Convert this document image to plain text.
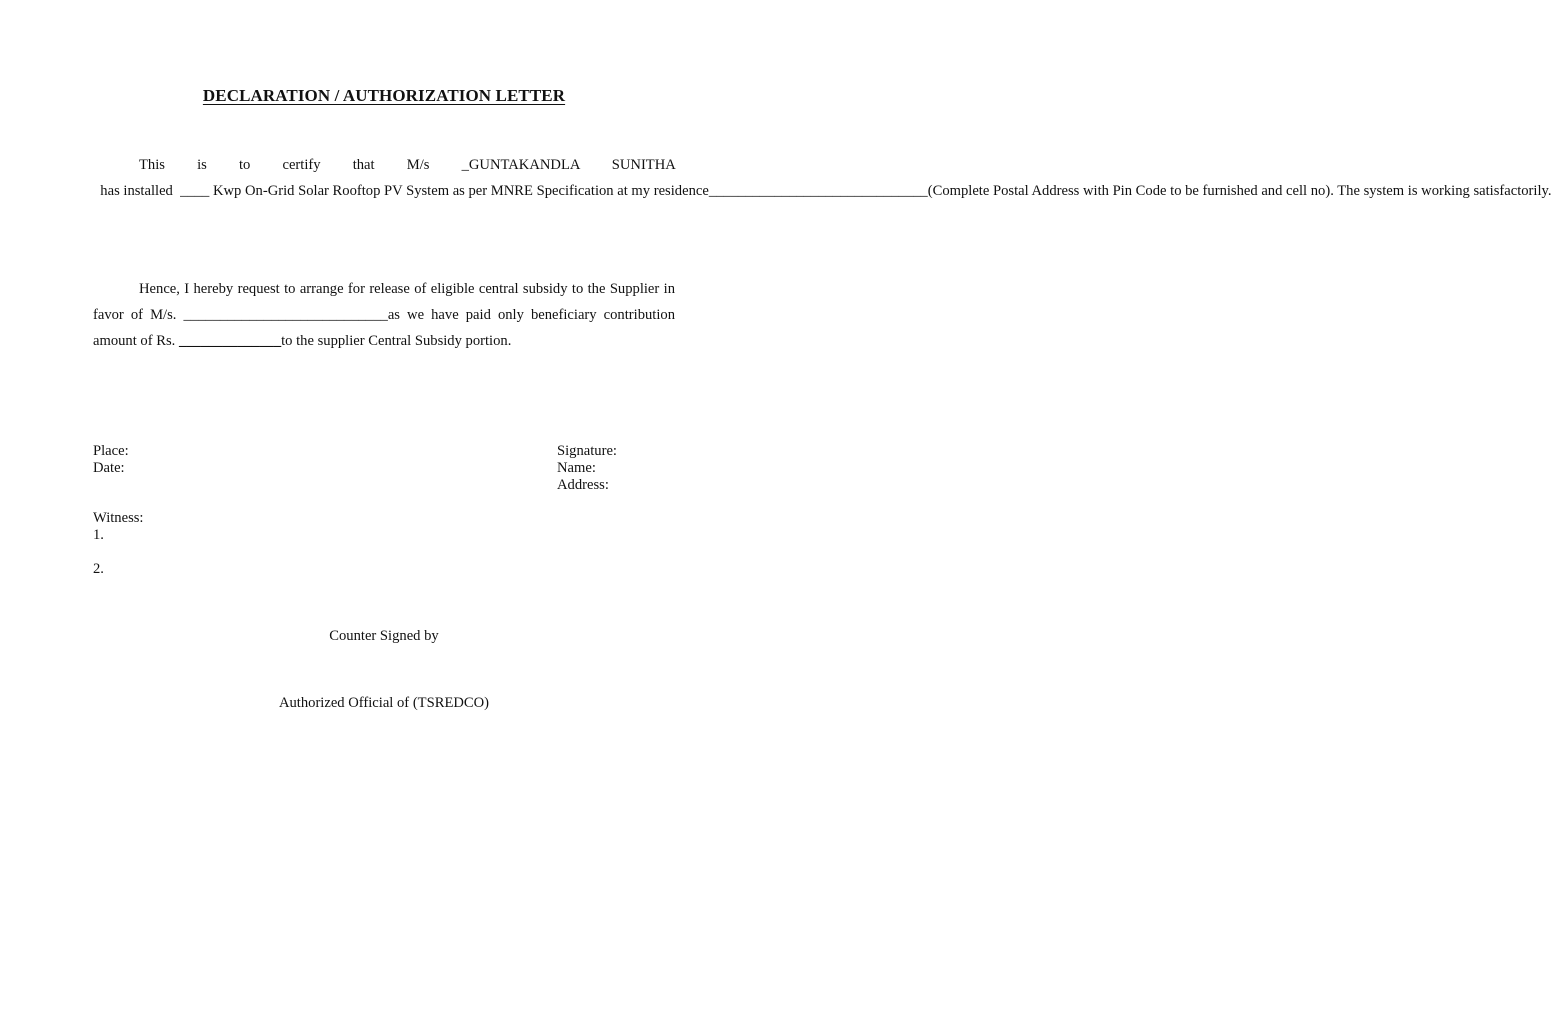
DECLARATION / AUTHORIZATION LETTER
This is to certify that M/s _GUNTAKANDLA SUNITHA  has installed  ____ Kwp On-Grid Solar Rooftop PV System as per MNRE Specification at my residence______________________________(Complete Postal Address with Pin Code to be furnished and cell no). The system is working satisfactorily.
Hence, I hereby request to arrange for release of eligible central subsidy to the Supplier in favor of M/s. ____________________________as we have paid only beneficiary contribution amount of Rs. ______________to the supplier Central Subsidy portion.
Place:
Date:
Signature:
Name:
Address:
Witness:
1.
2.
Counter Signed by
Authorized Official of (TSREDCO)
